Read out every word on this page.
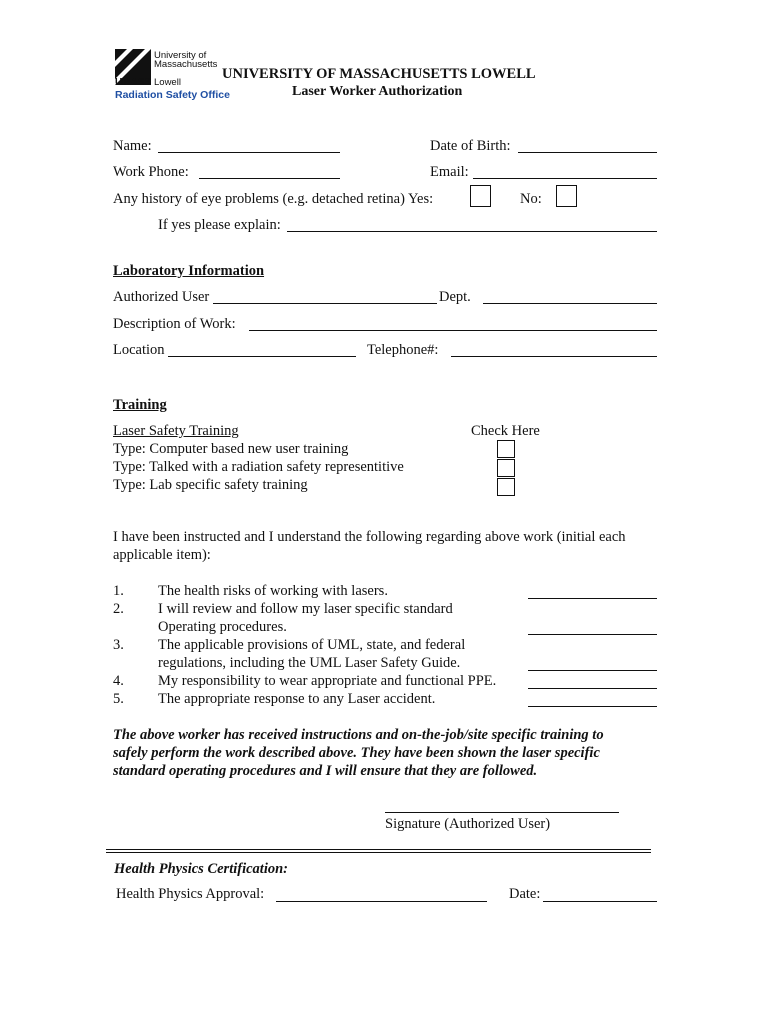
University of
Massachusetts
UMASS Lowell
Radiation Safety Office
UNIVERSITY OF MASSACHUSETTS LOWELL
Laser Worker Authorization
Name:	Date of Birth:
Work Phone:	Email:
Any history of eye problems (e.g. detached retina) Yes:	No:
If yes please explain:
Laboratory Information
Authorized User	Dept.
Description of Work:
Location	Telephone#:
Training
Laser Safety Training	Check Here
Type: Computer based new user training
Type: Talked with a radiation safety representitive
Type: Lab specific safety training
I have been instructed and I understand the following regarding above work (initial each
applicable item):
1. The health risks of working with lasers.
2. I will review and follow my laser specific standard
Operating procedures.
3. The applicable provisions of UML, state, and federal
regulations, including the UML Laser Safety Guide.
4. My responsibility to wear appropriate and functional PPE.
5. The appropriate response to any Laser accident.
The above worker has received instructions and on-the-job/site specific training to
safely perform the work described above. They have been shown the laser specific
standard operating procedures and I will ensure that they are followed.
Signature (Authorized User)
Health Physics Certification:
Health Physics Approval:	Date:
